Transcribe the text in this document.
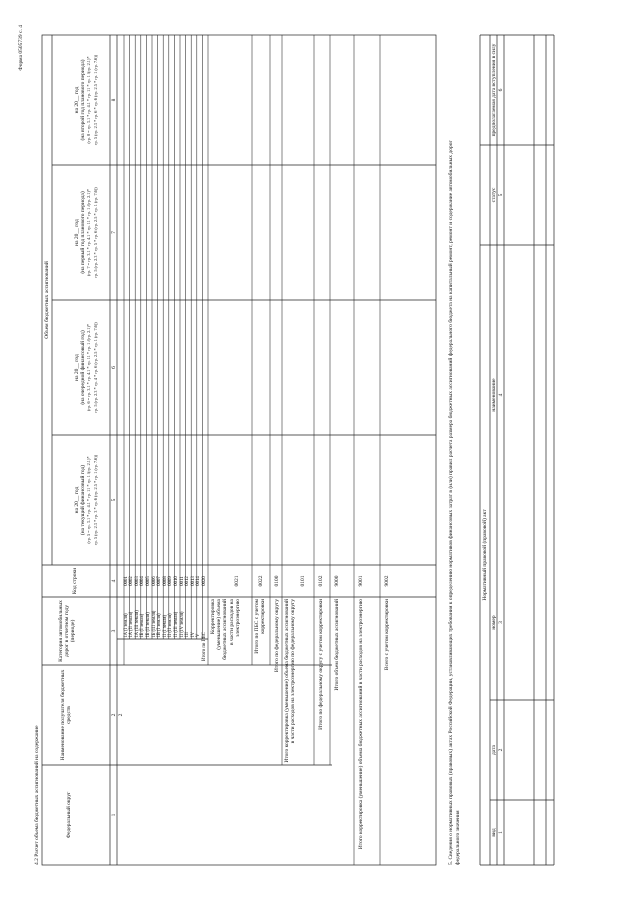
Форма 0505739 с. 4
4.2 Расчет объема бюджетных ассигнований на содержание	Федеральный округ
Наименование получателя бюджетных средств
Категория автомобильных дорог в отчетном году (периоде)
Код строки
Объем бюджетных ассигнований
на 20__ год (на текущий финансовый год) (гр. 5 = гр. 3.1 * гр. 4.1 * гр. 11 * гр. 1 /(гр. 2.1)* гр. 5 (гр. 2.3 * гр. 3 * гр. 6 (гр. 2.5 * гр. 1 (гр. 7.6))
на 20__ год (на очередной финансовый год) (гр. 6 = гр. 3.1 * гр. 4.1 * гр. 11 * гр. 1 /(гр. 2.1)* гр. 5 (гр. 2.3 * гр. 4 * гр. 6 (гр. 2.5 * гр. 1 (гр. 7.6))
на 20__ год (на первый год планового периода) (гр. 7 = гр. 3.1 * гр. 4.1 * гр. 11 * гр. 1 /(гр. 2.1)* гр. 5 (гр. 2.3 * гр. 5 * гр. 6 (гр. 2.5 * гр. 1 (гр. 7.6))
на 20__ год (на второй год планового периода) (гр. 8 = гр. 3.1 * гр. 4.1 * гр. 11 * гр. 1 /(гр. 2.1)* гр. 5 (гр. 2.3 * гр. 6 * гр. 6 (гр. 2.5 * гр. 1 (гр. 7.6))
1
2
3
4
5
6
7
8
2
IA (I земля)
0001
IA (II земля)
0002
IA (III земля)
0003
IБ (I земля)
0004
IБ (II земля)
0005
IБ (III земля)
0006
IВ (I земля)
0007
II (I земля)
0008
II (II земля)
0009
II (III земля)
0010
II (IV земля)
0011
III
0012
IV
0013
V
0014
Итого по ПБС
0020
Корректировка (уменьшение) объема бюджетных ассигнований в части расходов на электроэнергию
0021
Итого по ПБС с учетом корректировки
0022
Итого по федеральному округу
0100
Итого корректировка (уменьшение) объема бюджетных ассигнований в части расходов на электроэнергию по федеральному округу
0101
Итого по федеральному округу с учетом корректировки
0102
Итого объем бюджетных ассигнований
9000
Итого корректировка (уменьшение) объема бюджетных ассигнований в части расходов на электроэнергию
9001
Всего с учетом корректировки
9002	5. Сведения о нормативных правовых (правовых) актах Российской Федерации, устанавливающих требования к определению нормативов финансовых затрат в (или) правил расчета размера бюджетных ассигнований федерального бюджета на капитальный ремонт, ремонт и содержание автомобильных дорог федерального значения
Нормативный правовой (правовой) акт
вид
дата
номер
наименование
статус
предполагаемая дата вступления в силу
1
2
3
4
5
6
